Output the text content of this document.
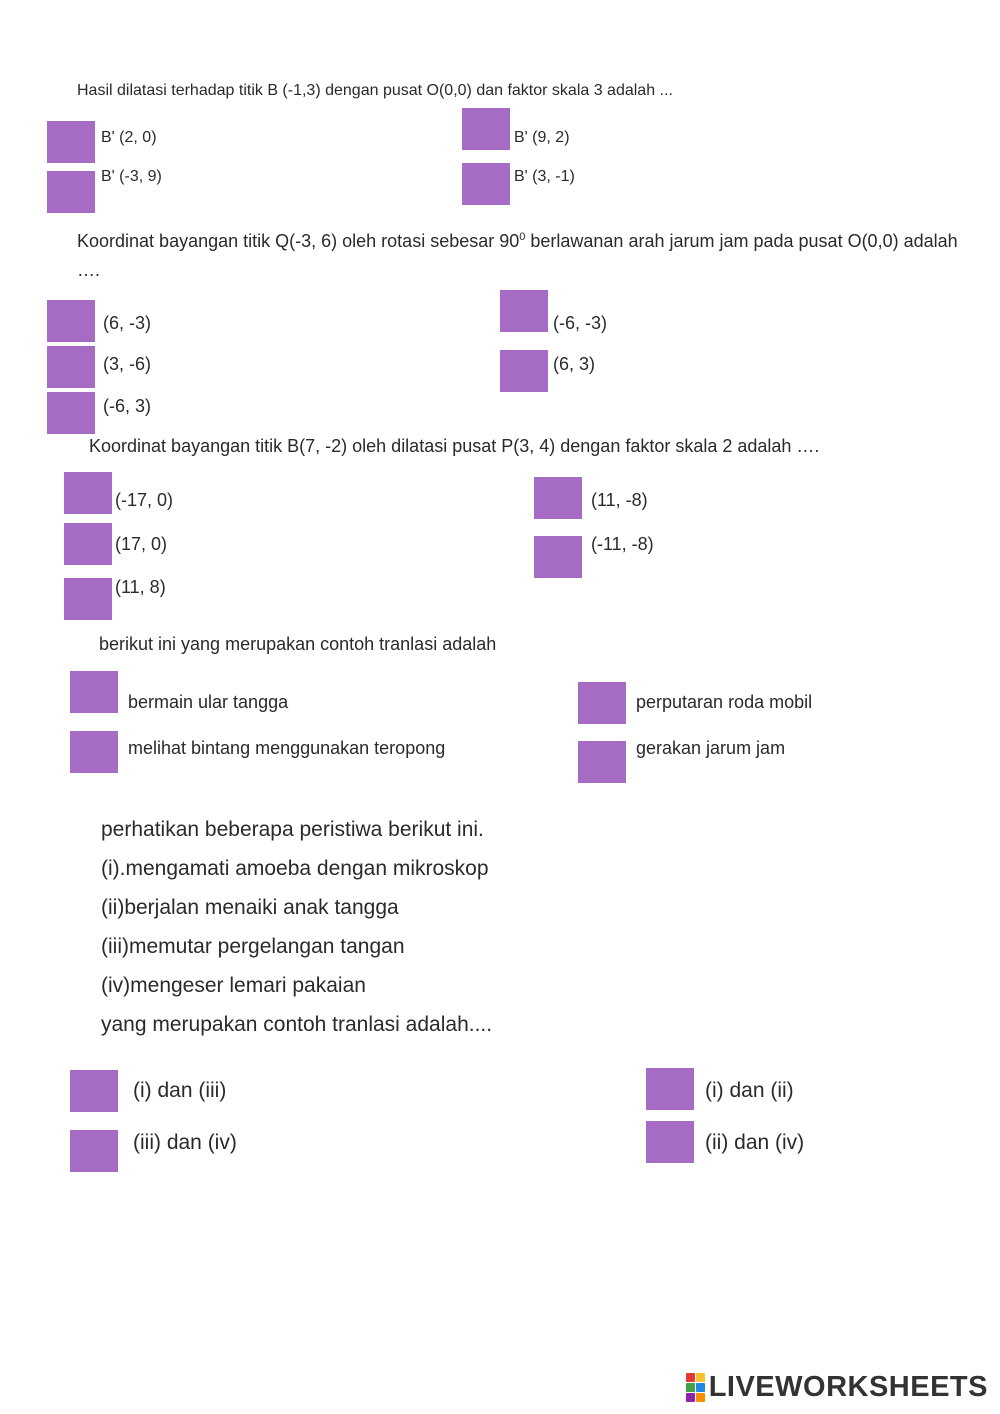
Hasil dilatasi terhadap titik B (-1,3) dengan pusat O(0,0) dan faktor skala 3 adalah ...
B' (2, 0)	B' (9, 2)
B' (-3, 9)	B' (3, -1)
Koordinat bayangan titik Q(-3, 6) oleh rotasi sebesar $90^0$ berlawanan arah jarum jam pada pusat O(0,0) adalah
….
(6, -3)	(-6, -3)
(3, -6)	(6, 3)
(-6, 3)
Koordinat bayangan titik B(7, -2) oleh dilatasi pusat P(3, 4) dengan faktor skala 2 adalah ….
(-17, 0)	(11, -8)
(17, 0)	(-11, -8)
(11, 8)
berikut ini yang merupakan contoh tranlasi adalah
bermain ular tangga	perputaran roda mobil
melihat bintang menggunakan teropong	gerakan jarum jam
perhatikan beberapa peristiwa berikut ini.
(i).mengamati amoeba dengan mikroskop
(ii)berjalan menaiki anak tangga
(iii)memutar pergelangan tangan
(iv)mengeser lemari pakaian
yang merupakan contoh tranlasi adalah....
(i) dan (iii)	(i) dan (ii)
(iii) dan (iv)	(ii) dan (iv)
LIVEWORKSHEETS
